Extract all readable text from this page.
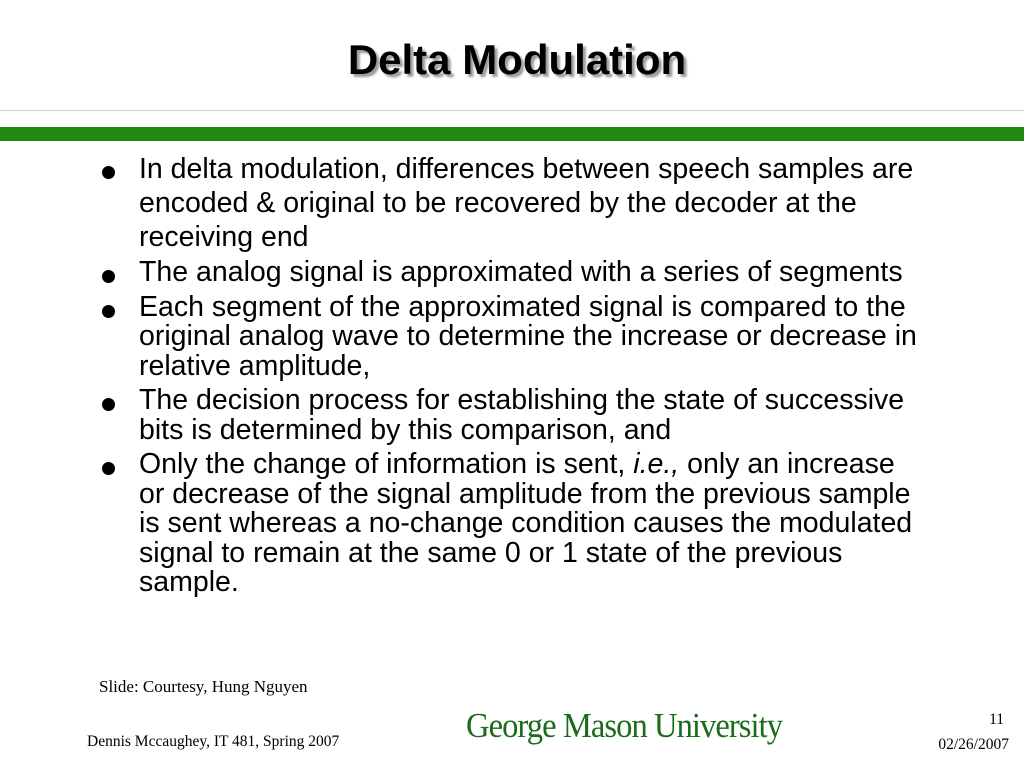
Delta Modulation
In delta modulation, differences between speech samples are encoded & original to be recovered by the decoder at the receiving end
The analog signal is approximated with a series of segments
Each segment of the approximated signal is compared to the original analog wave to determine the increase or decrease in relative amplitude,
The decision process for establishing the state of successive bits is determined by this comparison, and
Only the change of information is sent, i.e., only an increase or decrease of the signal amplitude from the previous sample is sent whereas a no-change condition causes the modulated signal to remain at the same 0 or 1 state of the previous sample.
Slide: Courtesy, Hung Nguyen
Dennis Mccaughey, IT 481, Spring 2007	George Mason University	11
02/26/2007
